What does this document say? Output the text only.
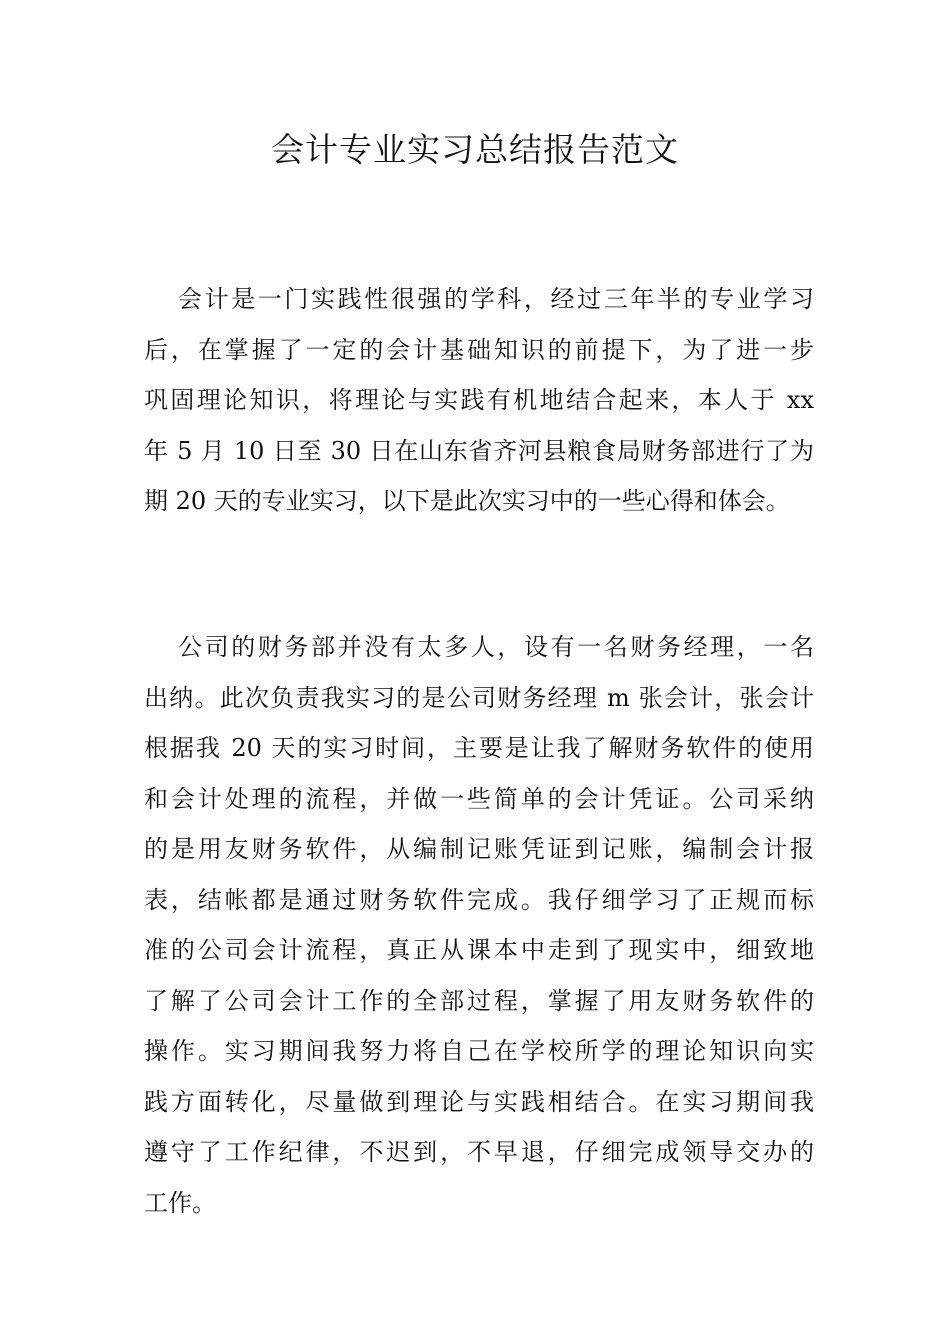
会计专业实习总结报告范文
会计是一门实践性很强的学科，经过三年半的专业学习
后，在掌握了一定的会计基础知识的前提下，为了进一步
巩固理论知识，将理论与实践有机地结合起来，本人于 xx
年 5 月 10 日至 30 日在山东省齐河县粮食局财务部进行了为
期 20 天的专业实习，以下是此次实习中的一些心得和体会。
公司的财务部并没有太多人，设有一名财务经理，一名
出纳。此次负责我实习的是公司财务经理 m 张会计，张会计
根据我 20 天的实习时间，主要是让我了解财务软件的使用
和会计处理的流程，并做一些简单的会计凭证。公司采纳
的是用友财务软件，从编制记账凭证到记账，编制会计报
表，结帐都是通过财务软件完成。我仔细学习了正规而标
准的公司会计流程，真正从课本中走到了现实中，细致地
了解了公司会计工作的全部过程，掌握了用友财务软件的
操作。实习期间我努力将自己在学校所学的理论知识向实
践方面转化，尽量做到理论与实践相结合。在实习期间我
遵守了工作纪律，不迟到，不早退，仔细完成领导交办的
工作。
